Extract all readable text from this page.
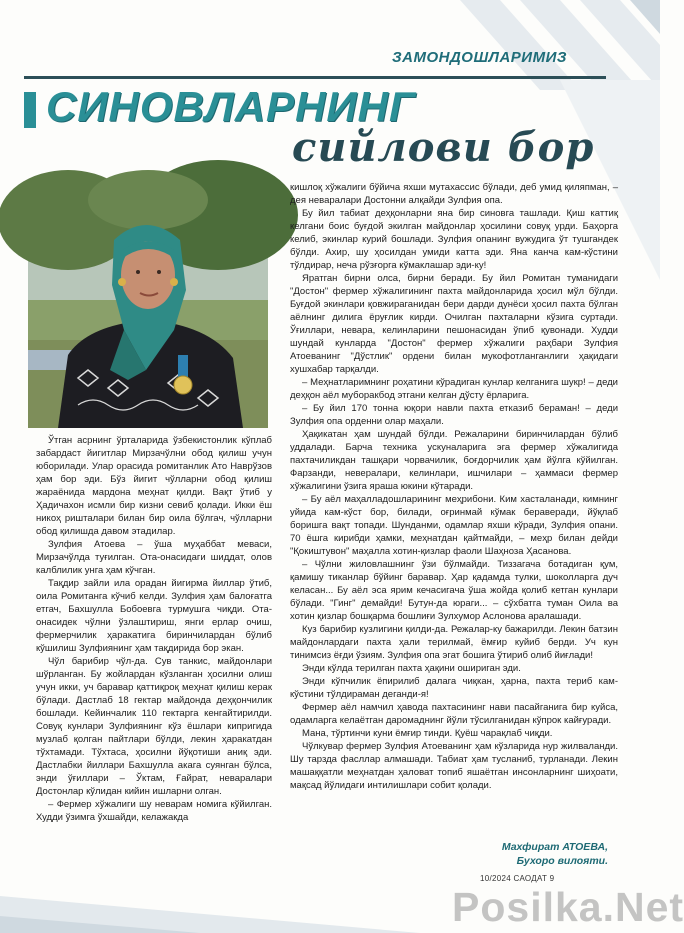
ЗАМОНДОШЛАРИМИЗ
СИНОВЛАРНИНГ
сийлови бор

Ўтган асрнинг ўрталарида ўзбекистонлик кўплаб забардаст йигитлар Мирзачўлни обод қилиш учун юборилади. Улар орасида ромитанлик Ато Наврўзов ҳам бор эди. Бўз йигит чўлларни обод қилиш жараёнида мардона меҳнат қилди. Вақт ўтиб у Ҳадичахон исмли бир кизни севиб қолади. Икки ёш никоҳ ришталари билан бир оила бўлгач, чўлларни обод қилишда давом этадилар.

Зулфия Атоева – ўша муҳаббат меваси, Мирзачўлда туғилган. Ота-онасидаги шиддат, олов калблилик унга ҳам кўчган.

Тақдир зайли ила орадан йигирма йиллар ўтиб, оила Ромитанга кўчиб келди. Зулфия ҳам балоғатга етгач, Бахшулла Бобоевга турмушга чиқди. Ота-онасидек чўлни ўзлаштириш, янги ерлар очиш, фермерчилик ҳаракатига биринчилардан бўлиб кўшилиш Зулфиянинг ҳам тақдирида бор экан.

Чўл барибир чўл-да. Сув танкис, майдонлари шўрланган. Бу жойлардан кўзланган ҳосилни олиш учун икки, уч баравар қаттиқроқ меҳнат қилиш керак бўлади. Дастлаб 18 гектар майдонда деҳқончилик бошлади. Кейинчалик 110 гектарга кенгайтирилди. Совуқ кунлари Зулфиянинг кўз ёшлари кипригида музлаб қолган пайтлари бўлди, лекин ҳаракатдан тўхтамади. Тўхтаса, ҳосилни йўқотиши аниқ эди. Дастлабки йиллари Бахшулла акага суянган бўлса, энди ўғиллари – Ўктам, Ғайрат, неваралари Достонлар кўлидан кийин ишларни олган.

– Фермер хўжалиги шу неварам номига кўйилган. Худди ўзимга ўхшайди, келажакда

кишлоқ хўжалиги бўйича яхши мутахассис бўлади, деб умид қиляпман, – дея неваралари Достонни алқайди Зулфия опа.

Бу йил табиат деҳқонларни яна бир синовга ташлади. Қиш каттиқ келгани боис буғдой экилган майдонлар ҳосилини совуқ урди. Баҳорга келиб, экинлар курий бошлади. Зулфия опанинг вужудига ўт тушгандек бўлди. Ахир, шу ҳосилдан умиди катта эди. Яна канча кам-кўстини тўлдирар, неча рўзғорга кўмаклашар эди-ку!

Яратган бирни олса, бирни беради. Бу йил Ромитан туманидаги "Достон" фермер хўжалигининг пахта майдонларида ҳосил мўл бўлди. Буғдой экинлари қовжираганидан бери дарди дунёси ҳосил пахта бўлган аёлнинг дилига ёруғлик кирди. Очилган пахталарни кўзига суртади. Ўғиллари, невара, келинларини пешонасидан ўпиб қувонади. Худди шундай кунларда "Достон" фермер хўжалиги раҳбари Зулфия Атоеванинг "Дўстлик" ордени билан мукофотланганлиги ҳақидаги хушхабар тарқалди.

– Меҳнатларимнинг роҳатини кўрадиган кунлар келганига шукр! – деди деҳқон аёл муборакбод этгани келган дўсту ёрларига.

– Бу йил 170 тонна юқори навли пахта етказиб бераман! – деди Зулфия опа орденни олар маҳали.

Ҳақикатан ҳам шундай бўлди. Режаларини биринчилардан бўлиб уддалади. Барча техника ускуналарига эга фермер хўжалигида пахтачиликдан ташқари чорвачилик, боғдорчилик ҳам йўлга кўйилган. Фарзанди, невералари, келинлари, ишчилари – ҳаммаси фермер хўжалигини ўзига яраша юкини кўтаради.

– Бу аёл маҳалладошларининг меҳрибони. Ким хасталанади, кимнинг уйида кам-кўст бор, билади, оғринмай кўмак бераверади, йўқлаб боришга вақт топади. Шунданми, одамлар яхши кўради, Зулфия опани. 70 ёшга кирибди ҳамки, меҳнатдан қайтмайди, – меҳр билан дейди "Қокиштувон" маҳалла хотин-қизлар фаоли Шаҳноза Ҳасанова.

– Чўлни жиловлашнинг ўзи бўлмайди. Тиззагача ботадиган қум, қамишу тиканлар бўйинг баравар. Ҳар қадамда тулки, шоколларга дуч келасан... Бу аёл эса ярим кечасигача ўша жойда қолиб кетган кунлари бўлади. "Гинг" демайди! Бутун-да юраги... – сўхбатга туман Оила ва хотин қизлар бошқарма бошлиғи Зулхумор Аслонова аралашади.

Куз барибир кузлигини қилди-да. Режалар-ку бажарилди. Лекин батзин майдонлардаги пахта ҳали терилмай, ёмғир куйиб берди. Уч кун тинимсиз ёғди ўзиям. Зулфия опа эгат бошига ўтириб олиб йиғлади!

Энди кўлда терилган пахта ҳақини ошириган эди.

Энди кўпчилик ёпирилиб далага чиқкан, ҳарна, пахта териб кам-кўстини тўлдираман деганди-я!

Фермер аёл намчил ҳавода пахтасининг нави пасайганига бир куйса, одамларга келаётган даромаднинг йўли тўсилганидан кўпрок кайғуради.

Мана, тўртинчи куни ёмғир тинди. Қуёш чарақлаб чиқди.

Чўлкувар фермер Зулфия Атоеванинг ҳам кўзларида нур жилваланди. Шу тарзда фасллар алмашади. Табиат ҳам тусланиб, турланади. Лекин машаққатли меҳнатдан ҳаловат топиб яшаётган инсонларнинг шиҳоати, мақсад йўлидаги интилишлари собит қолади.

Махфират АТОЕВА,
Бухоро вилояти.
10/2024 САОДАТ 9
Posilka.Net
